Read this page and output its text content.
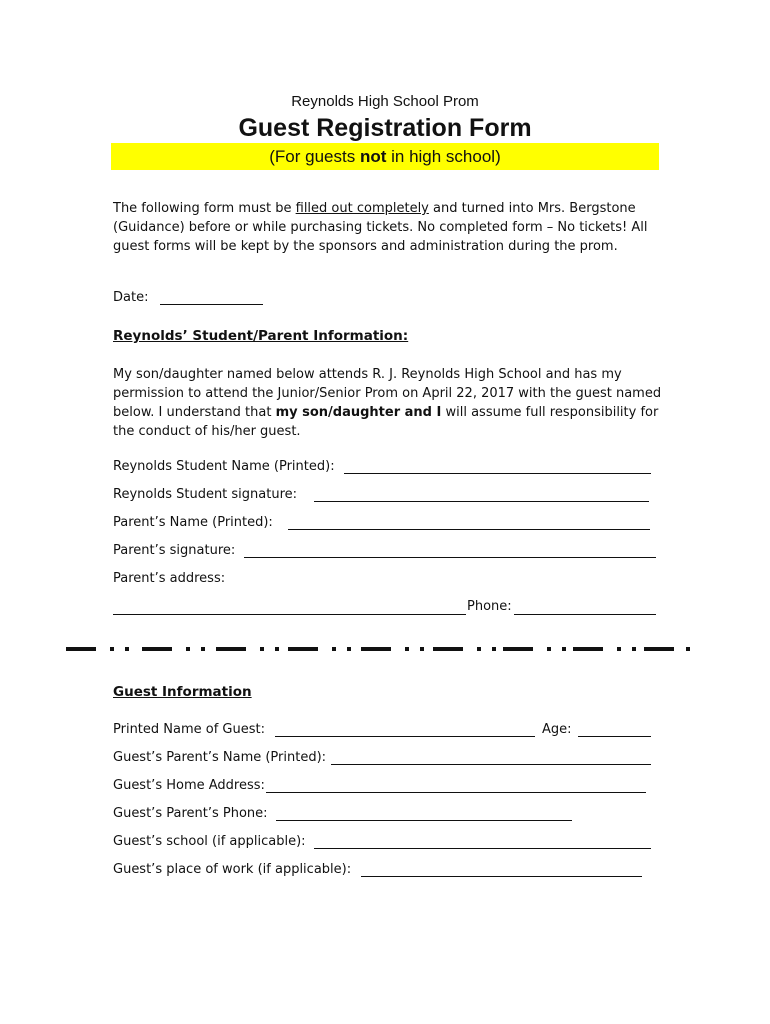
Reynolds High School Prom
Guest Registration Form
(For guests not in high school)
The following form must be filled out completely and turned into Mrs. Bergstone (Guidance) before or while purchasing tickets. No completed form – No tickets! All guest forms will be kept by the sponsors and administration during the prom.
Date:
Reynolds’ Student/Parent Information:
My son/daughter named below attends R. J. Reynolds High School and has my permission to attend the Junior/Senior Prom on April 22, 2017 with the guest named below. I understand that my son/daughter and I will assume full responsibility for the conduct of his/her guest.
Reynolds Student Name (Printed):
Reynolds Student signature:
Parent’s Name (Printed):
Parent’s signature:
Parent’s address:
Phone:
Guest Information
Printed Name of Guest:	Age:
Guest’s Parent’s Name (Printed):
Guest’s Home Address:
Guest’s Parent’s Phone:
Guest’s school (if applicable):
Guest’s place of work (if applicable):
